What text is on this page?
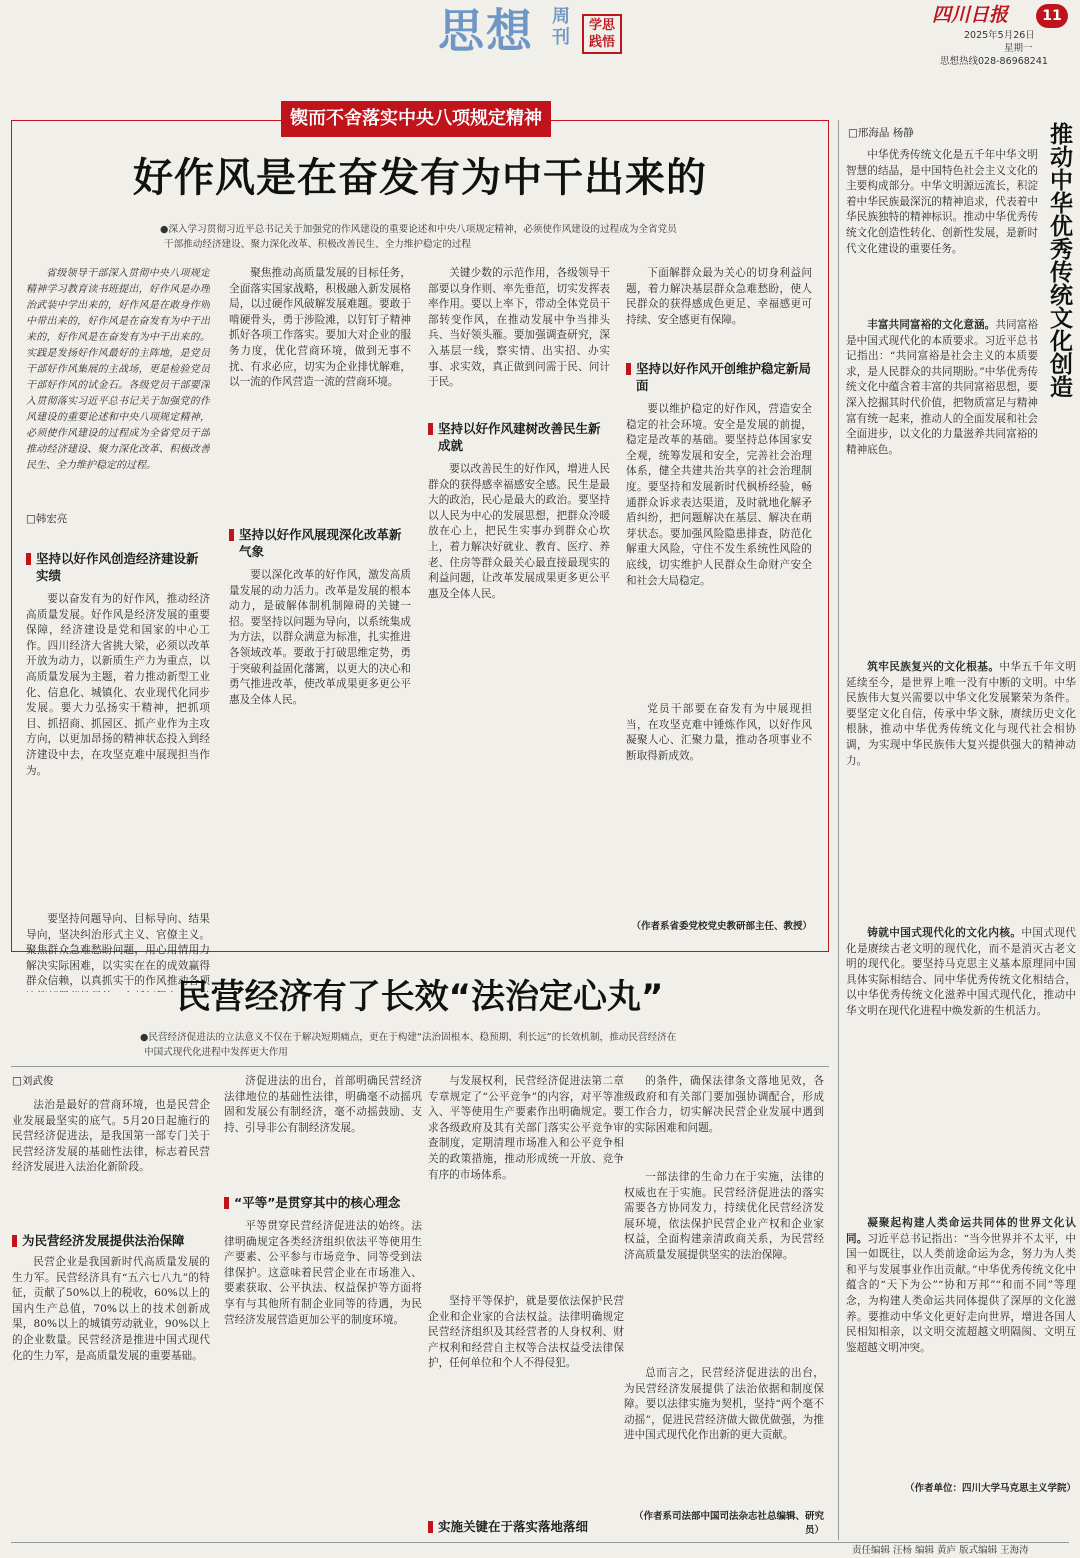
思想 周刊
学思践悟
四川日报	11
2025年5月26日
星期一
思想热线028-86968241
锲而不舍落实中央八项规定精神
好作风是在奋发有为中干出来的
●深入学习贯彻习近平总书记关于加强党的作风建设的重要论述和中央八项规定精神，必须使作风建设的过程成为全省党员
干部推动经济建设、聚力深化改革、积极改善民生、全力维护稳定的过程
省级领导干部深入贯彻中央八项规定精神学习教育读书班提出，好作风是办理治武装中学出来的，好作风是在敢身作则中带出来的，好作风是在奋发有为中干出来的，好作风是在奋发有为中干出来的。实践是发扬好作风最好的主阵地，是党员干部好作风集展的主战场，更是检验党员干部好作风的试金石。各级党员干部要深入贯彻落实习近平总书记关于加强党的作风建设的重要论述和中央八项规定精神，必须使作风建设的过程成为全省党员干部推动经济建设、聚力深化改革、积极改善民生、全力维护稳定的过程。
□韩宏亮
坚持以好作风创造经济建设新实绩
要以奋发有为的好作风，推动经济高质量发展。好作风是经济发展的重要保障，经济建设是党和国家的中心工作。四川经济大省挑大梁，必须以改革开放为动力，以新质生产力为重点，以高质量发展为主题，着力推动新型工业化、信息化、城镇化、农业现代化同步发展。要大力弘扬实干精神，把抓项目、抓招商、抓园区、抓产业作为主攻方向，以更加昂扬的精神状态投入到经济建设中去，在攻坚克难中展现担当作为。
要坚持问题导向、目标导向、结果导向，坚决纠治形式主义、官僚主义。聚焦群众急难愁盼问题，用心用情用力解决实际困难，以实实在在的成效赢得群众信赖，以真抓实干的作风推动各项
聚焦推动高质量发展的目标任务，全面落实国家战略，积极融入新发展格局，以过硬作风破解发展难题。要敢于啃硬骨头，勇于涉险滩，以钉钉子精神抓好各项工作落实。要加大对企业的服务力度，优化营商环境，做到无事不扰、有求必应，切实为企业排忧解难，以一流的作风营造一流的营商环境。
坚持以好作风展现深化改革新气象
要以深化改革的好作风，激发高质量发展的动力活力。改革是发展的根本动力，是破解体制机制障碍的关键一招。要坚持以问题为导向，以系统集成为方法，以群众满意为标准，扎实推进各领域改革。要敢于打破思维定势，勇于突破利益固化藩篱，以更大的决心和勇气推进改革，使改革成果更多更公平惠及全体人民。
关键少数的示范作用，各级领导干部要以身作则、率先垂范，切实发挥表率作用。要以上率下，带动全体党员干部转变作风，在推动发展中争当排头兵、当好领头雁。要加强调查研究，深入基层一线，察实情、出实招、办实事、求实效，真正做到问需于民、问计于民。
坚持以好作风建树改善民生新成就
要以改善民生的好作风，增进人民群众的获得感幸福感安全感。民生是最大的政治，民心是最大的政治。要坚持以人民为中心的发展思想，把群众冷暖放在心上，把民生实事办到群众心坎上，着力解决好就业、教育、医疗、养老、住房等群众最关心最直接最现实的利益问题，让改革发展成果更多更公平惠及全体人民。
下面解群众最为关心的切身利益问题，着力解决基层群众急难愁盼，使人民群众的获得感成色更足、幸福感更可持续、安全感更有保障。
坚持以好作风开创维护稳定新局面
要以维护稳定的好作风，营造安全稳定的社会环境。安全是发展的前提，稳定是改革的基础。要坚持总体国家安全观，统筹发展和安全，完善社会治理体系，健全共建共治共享的社会治理制度。要坚持和发展新时代枫桥经验，畅通群众诉求表达渠道，及时就地化解矛盾纠纷，把问题解决在基层、解决在萌芽状态。要加强风险隐患排查，防范化解重大风险，守住不发生系统性风险的底线，切实维护人民群众生命财产安全和社会大局稳定。
党员干部要在奋发有为中展现担当，在攻坚克难中锤炼作风，以好作风凝聚人心、汇聚力量，推动各项事业不断取得新成效。
（作者系省委党校党史教研部主任、教授）
民营经济有了长效“法治定心丸”
●民营经济促进法的立法意义不仅在于解决短期痛点，更在于构建“法治固根本、稳预期、利长远”的长效机制，推动民营经济在
中国式现代化进程中发挥更大作用
□刘武俊
法治是最好的营商环境，也是民营企业发展最坚实的底气。5月20日起施行的民营经济促进法，是我国第一部专门关于民营经济发展的基础性法律，标志着民营经济发展进入法治化新阶段。
为民营经济发展提供法治保障
民营企业是我国新时代高质量发展的生力军。民营经济具有“五六七八九”的特征，贡献了50%以上的税收，60%以上的国内生产总值，70%以上的技术创新成果，80%以上的城镇劳动就业，90%以上的企业数量。民营经济是推进中国式现代化的生力军，是高质量发展的重要基础。
济促进法的出台，首部明确民营经济法律地位的基础性法律，明确毫不动摇巩固和发展公有制经济，毫不动摇鼓励、支持、引导非公有制经济发展。
“平等”是贯穿其中的核心理念
平等贯穿民营经济促进法的始终。法律明确规定各类经济组织依法平等使用生产要素、公平参与市场竞争、同等受到法律保护。这意味着民营企业在市场准入、要素获取、公平执法、权益保护等方面将享有与其他所有制企业同等的待遇，为民营经济发展营造更加公平的制度环境。
与发展权利，民营经济促进法第二章专章规定了“公平竞争”的内容，对平等准入、平等使用生产要素作出明确规定。要求各级政府及其有关部门落实公平竞争审查制度，定期清理市场准入和公平竞争相关的政策措施，推动形成统一开放、竞争有序的市场体系。
坚持平等保护，就是要依法保护民营企业和企业家的合法权益。法律明确规定民营经济组织及其经营者的人身权利、财产权利和经营自主权等合法权益受法律保护，任何单位和个人不得侵犯。
实施关键在于落实落地落细
的条件，确保法律条文落地见效，各级政府和有关部门要加强协调配合，形成工作合力，切实解决民营企业发展中遇到的实际困难和问题。
一部法律的生命力在于实施，法律的权威也在于实施。民营经济促进法的落实需要各方协同发力，持续优化民营经济发展环境，依法保护民营企业产权和企业家权益，全面构建亲清政商关系，为民营经济高质量发展提供坚实的法治保障。
总而言之，民营经济促进法的出台，为民营经济发展提供了法治依据和制度保障。要以法律实施为契机，坚持“两个毫不动摇”，促进民营经济做大做优做强，为推进中国式现代化作出新的更大贡献。
（作者系司法部中国司法杂志社总编辑、研究员）
□邢海晶 杨静	推动中华优秀传统文化创造
中华优秀传统文化是五千年中华文明智慧的结晶，是中国特色社会主义文化的主要构成部分。中华文明源远流长，积淀着中华民族最深沉的精神追求，代表着中华民族独特的精神标识。推动中华优秀传统文化创造性转化、创新性发展，是新时代文化建设的重要任务。
丰富共同富裕的文化意涵。共同富裕是中国式现代化的本质要求。习近平总书记指出：“共同富裕是社会主义的本质要求，是人民群众的共同期盼。”中华优秀传统文化中蕴含着丰富的共同富裕思想，要深入挖掘其时代价值，把物质富足与精神富有统一起来，推动人的全面发展和社会全面进步，以文化的力量滋养共同富裕的精神底色。
筑牢民族复兴的文化根基。中华五千年文明延续至今，是世界上唯一没有中断的文明。中华民族伟大复兴需要以中华文化发展繁荣为条件。要坚定文化自信，传承中华文脉，赓续历史文化根脉，推动中华优秀传统文化与现代社会相协调，为实现中华民族伟大复兴提供强大的精神动力。
铸就中国式现代化的文化内核。中国式现代化是赓续古老文明的现代化，而不是消灭古老文明的现代化。要坚持马克思主义基本原理同中国具体实际相结合、同中华优秀传统文化相结合，以中华优秀传统文化滋养中国式现代化，推动中华文明在现代化进程中焕发新的生机活力。
凝聚起构建人类命运共同体的世界文化认同。习近平总书记指出：“当今世界并不太平，中国一如既往，以人类前途命运为念，努力为人类和平与发展事业作出贡献。”中华优秀传统文化中蕴含的“天下为公”“协和万邦”“和而不同”等理念，为构建人类命运共同体提供了深厚的文化滋养。要推动中华文化更好走向世界，增进各国人民相知相亲，以文明交流超越文明隔阂、文明互鉴超越文明冲突。
（作者单位：四川大学马克思主义学院）
责任编辑 汪杨 编辑 黄庐 版式编辑 王海涛
